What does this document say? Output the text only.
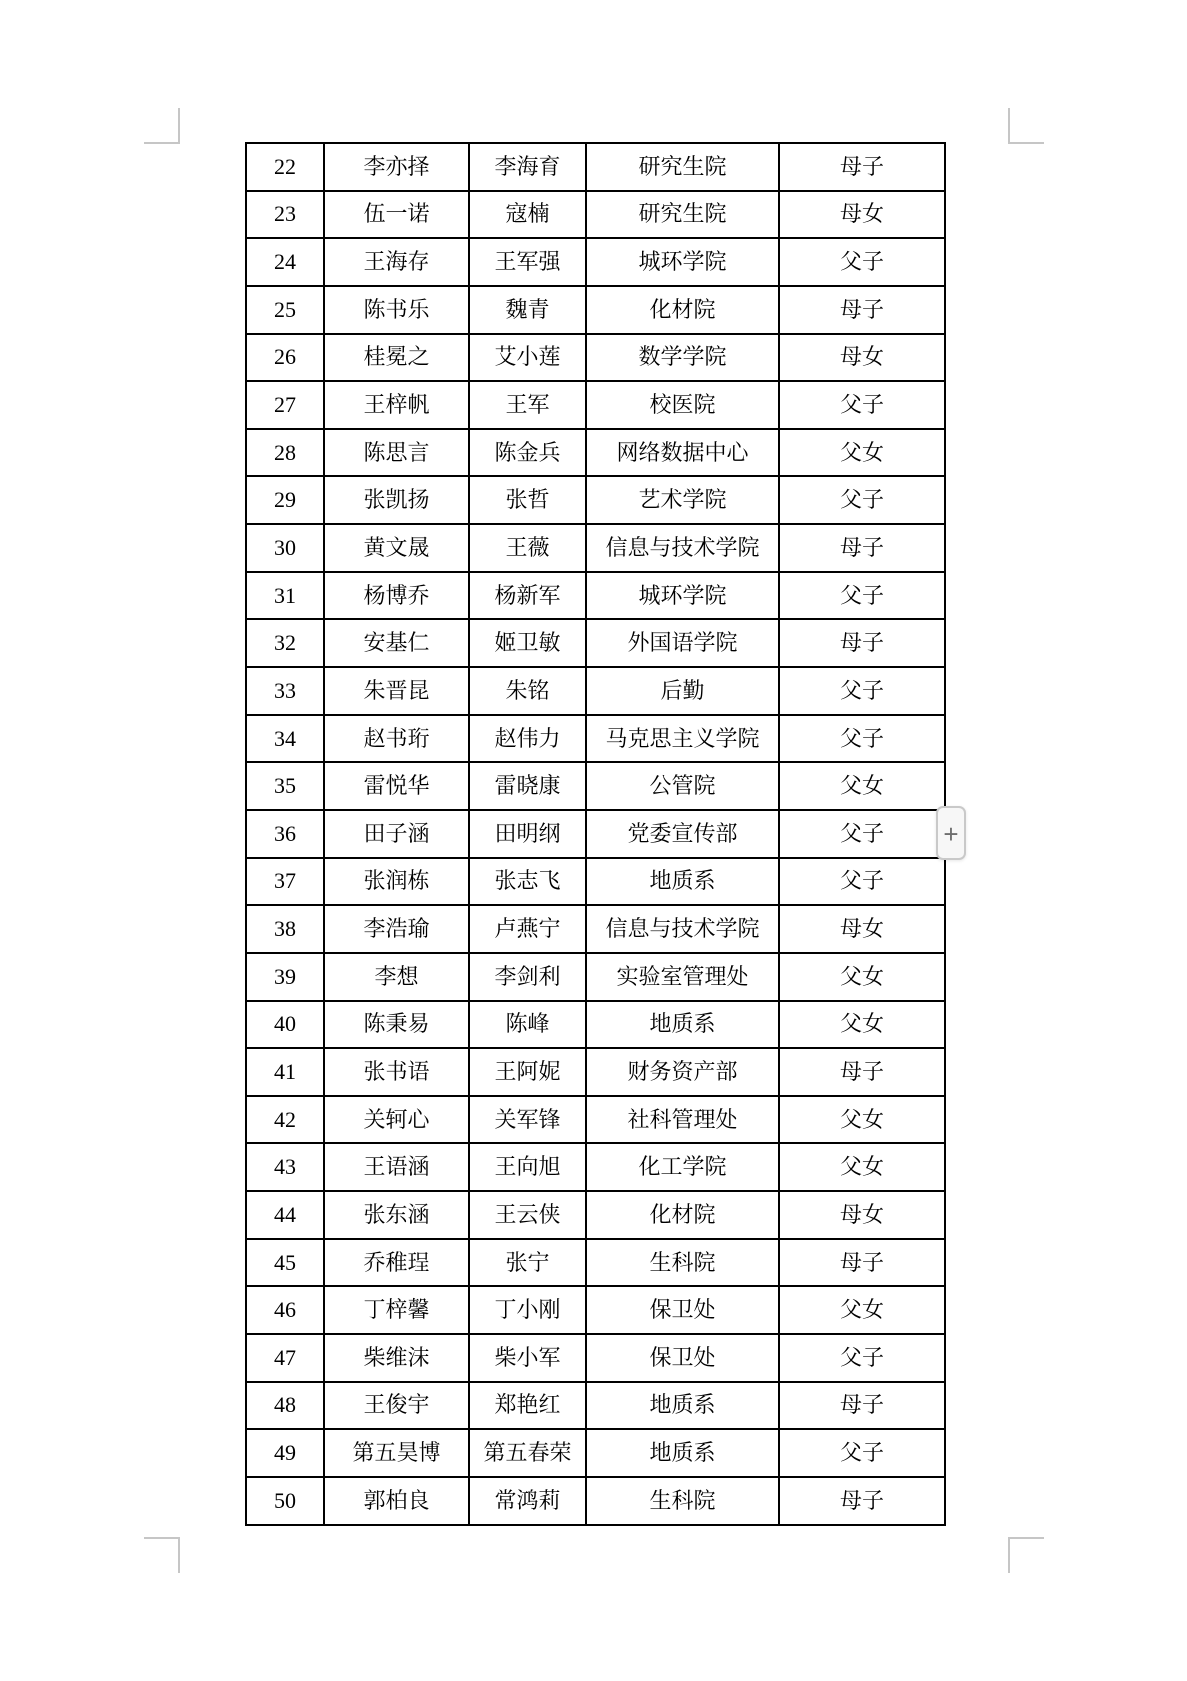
22	李亦择	李海育	研究生院	母子
23	伍一诺	寇楠	研究生院	母女
24	王海存	王军强	城环学院	父子
25	陈书乐	魏青	化材院	母子
26	桂冕之	艾小莲	数学学院	母女
27	王梓帆	王军	校医院	父子
28	陈思言	陈金兵	网络数据中心	父女
29	张凯扬	张哲	艺术学院	父子
30	黄文晟	王薇	信息与技术学院	母子
31	杨博乔	杨新军	城环学院	父子
32	安基仁	姬卫敏	外国语学院	母子
33	朱晋昆	朱铭	后勤	父子
34	赵书珩	赵伟力	马克思主义学院	父子
35	雷悦华	雷晓康	公管院	父女
36	田子涵	田明纲	党委宣传部	父子
37	张润栋	张志飞	地质系	父子
38	李浩瑜	卢燕宁	信息与技术学院	母女
39	李想	李剑利	实验室管理处	父女
40	陈秉易	陈峰	地质系	父女
41	张书语	王阿妮	财务资产部	母子
42	关轲心	关军锋	社科管理处	父女
43	王语涵	王向旭	化工学院	父女
44	张东涵	王云侠	化材院	母女
45	乔稚珵	张宁	生科院	母子
46	丁梓馨	丁小刚	保卫处	父女
47	柴维沫	柴小军	保卫处	父子
48	王俊宇	郑艳红	地质系	母子
49	第五昊博	第五春荣	地质系	父子
50	郭柏良	常鸿莉	生科院	母子
+
